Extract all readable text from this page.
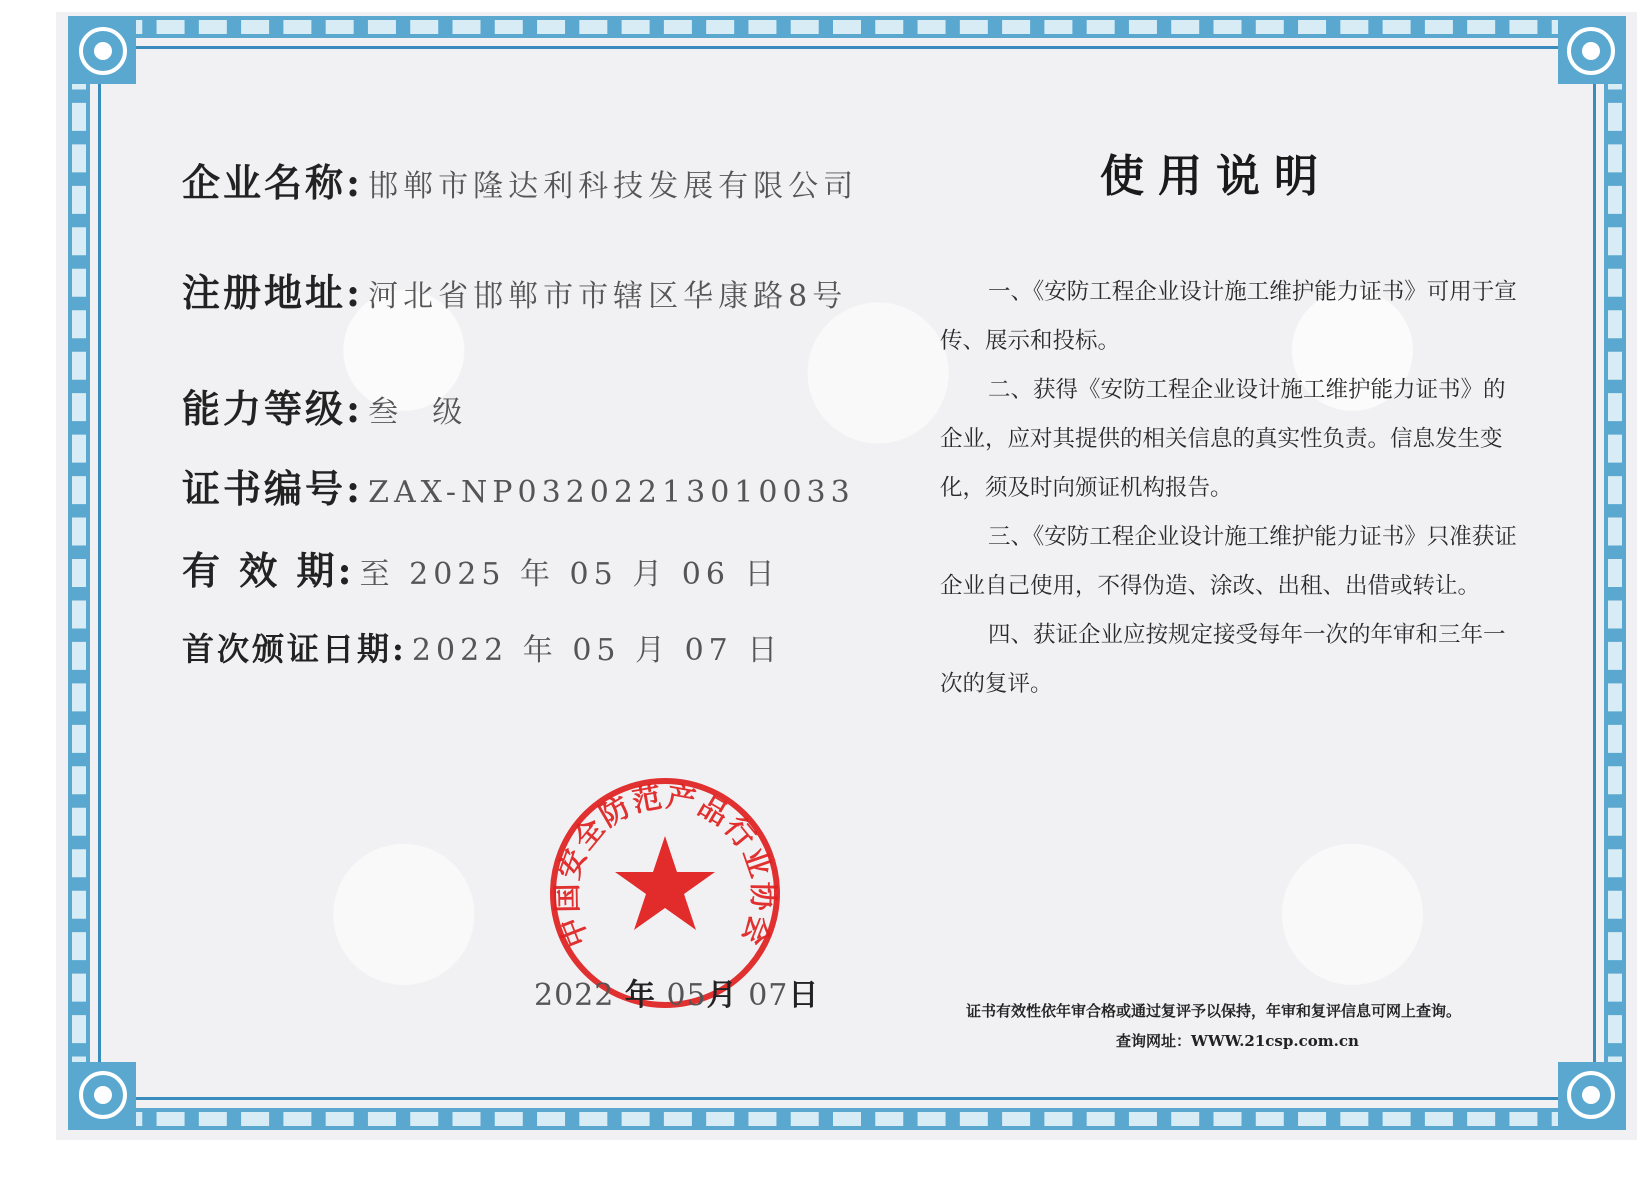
企业名称: 邯郸市隆达利科技发展有限公司
注册地址: 河北省邯郸市市辖区华康路8号
能力等级: 叁  级
证书编号: ZAX-NP03202213010033
有 效 期: 至 2025 年 05 月 06 日
首次颁证日期: 2022 年 05 月 07 日
使用说明

一、《安防工程企业设计施工维护能力证书》可用于宣传、展示和投标。

二、获得《安防工程企业设计施工维护能力证书》的企业，应对其提供的相关信息的真实性负责。信息发生变化，须及时向颁证机构报告。

三、《安防工程企业设计施工维护能力证书》只准获证企业自己使用，不得伪造、涂改、出租、出借或转让。

四、获证企业应按规定接受每年一次的年审和三年一次的复评。

中国安全防范产品行业协会
2022 年 05月 07日	证书有效性依年审合格或通过复评予以保持，年审和复评信息可网上查询。
查询网址：WWW.21csp.com.cn
